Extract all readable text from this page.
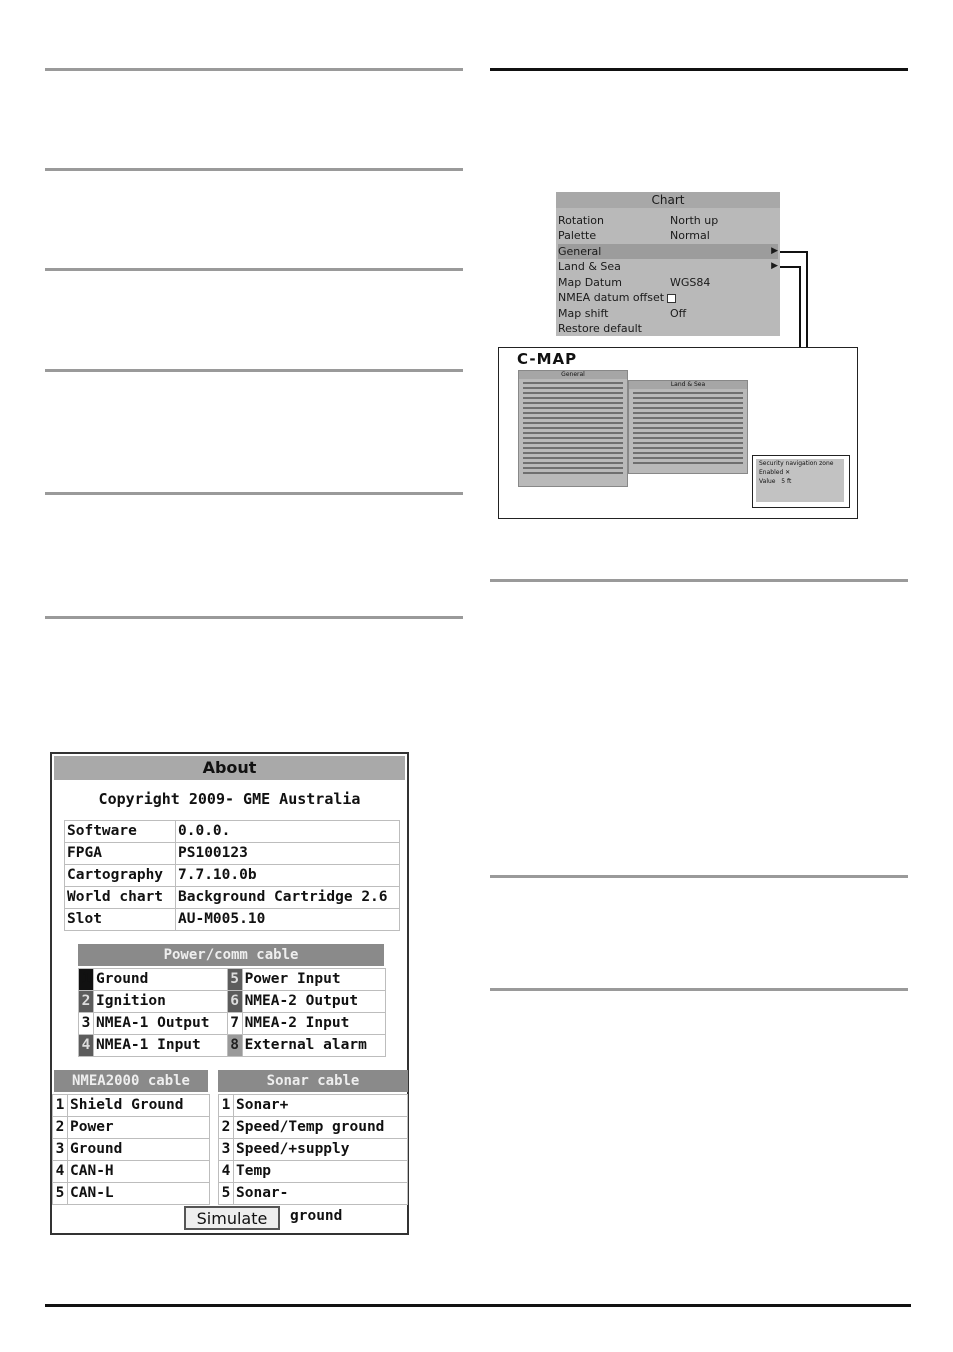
Chart
Rotation	North up
Palette	Normal
General	▶
Land & Sea	▶
Map Datum	WGS84
NMEA datum offset
Map shift	Off
Restore default
C-MAP
General
Land & Sea
Security navigation zone
Enabled ✕
Value 5 ft
About
Copyright 2009- GME Australia
Software	0.0.0.
FPGA	PS100123
Cartography	7.7.10.0b
World chart	Background Cartridge 2.6
Slot	AU-M005.10
Power/comm cable
1	Ground	5	Power Input
2	Ignition	6	NMEA-2 Output
3	NMEA-1 Output	7	NMEA-2 Input
4	NMEA-1 Input	8	External alarm
NMEA2000 cable	Sonar cable
1	Shield Ground
2	Power
3	Ground
4	CAN-H
5	CAN-L
1	Sonar+
2	Speed/Temp ground
3	Speed/+supply
4	Temp
5	Sonar-
Simulate	ground
